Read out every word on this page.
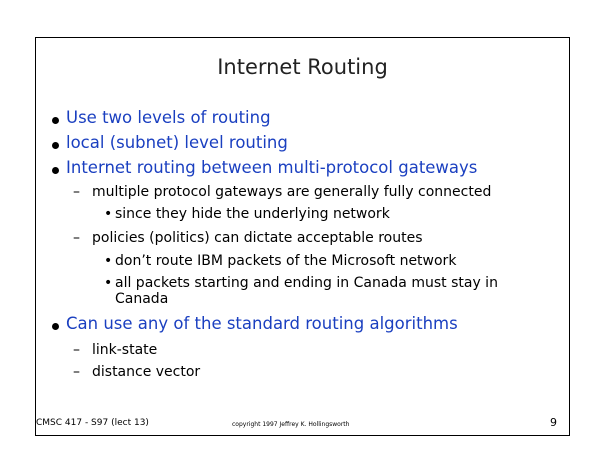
Internet Routing
Use two levels of routing
local (subnet) level routing
Internet routing between multi-protocol gateways
– multiple protocol gateways are generally fully connected
• since they hide the underlying network
– policies (politics) can dictate acceptable routes
• don’t route IBM packets of the Microsoft network
• all packets starting and ending in Canada must stay in
Canada
Can use any of the standard routing algorithms
– link-state
– distance vector
CMSC 417 - S97 (lect 13)	copyright 1997 Jeffrey K. Hollingsworth	9
